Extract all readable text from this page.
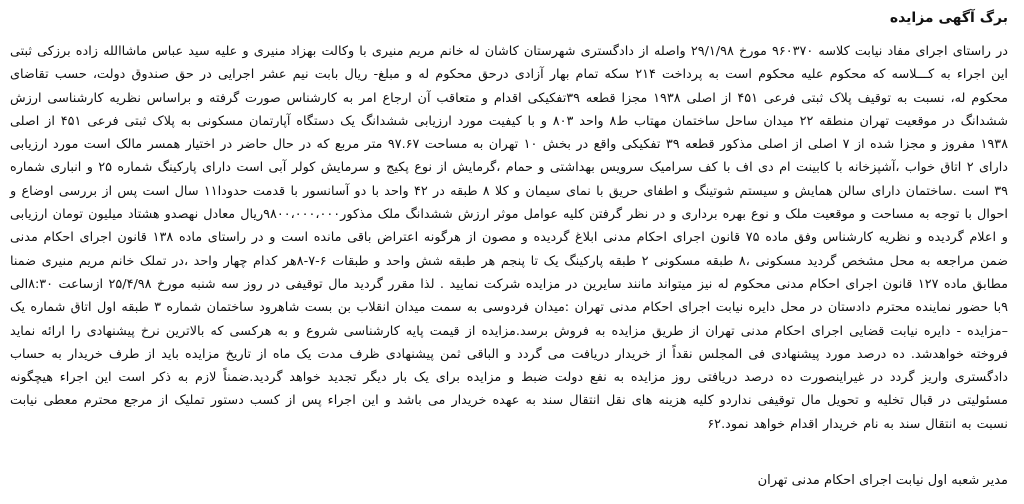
برگ آگهی مزایده

در راستای اجرای مفاد نیابت کلاسه ۹۶۰۳۷۰ مورخ ۲۹/۱/۹۸ واصله از دادگستری شهرستان کاشان له خانم مریم منیری با وکالت بهزاد منیری و علیه سید عباس ماشاالله زاده برزکی ثبتی این اجراء به کـــلاسه که محکوم علیه محکوم است به پرداخت ۲۱۴ سکه تمام بهار آزادی درحق محکوم له و مبلغ- ریال بابت نیم عشر اجرایی در حق صندوق دولت، حسب تقاضای محکوم له، نسبت به توقیف پلاک ثبتی فرعی ۴۵۱ از اصلی ۱۹۳۸ مجزا قطعه ۳۹تفکیکی اقدام و متعاقب آن ارجاع امر به کارشناس صورت گرفته و براساس نظریه کارشناسی ارزش ششدانگ در موقعیت تهران منطقه ۲۲ میدان ساحل ساختمان مهتاب ط۸ واحد ۸۰۳ و با کیفیت مورد ارزیابی ششدانگ یک دستگاه آپارتمان مسکونی به پلاک ثبتی فرعی ۴۵۱ از اصلی ۱۹۳۸ مفروز و مجزا شده از ۷ اصلی از اصلی مذکور قطعه ۳۹ تفکیکی واقع در بخش ۱۰ تهران به مساحت ۹۷.۶۷ متر مربع که در حال حاضر در اختیار همسر مالک است مورد ارزیابی دارای ۲ اتاق خواب ،آشپزخانه با کابینت ام دی اف با کف سرامیک سرویس بهداشتی و حمام ،گرمایش از نوع پکیج و سرمایش کولر آبی است دارای پارکینگ شماره ۲۵ و انباری شماره ۳۹ است .ساختمان دارای سالن همایش و سیستم شوتینگ و اطفای حریق با نمای سیمان و کلا ۸ طبقه در ۴۲ واحد با دو آسانسور با قدمت حدودا۱۱ سال است پس از بررسی اوضاع و احوال با توجه به مساحت و موقعیت ملک و نوع بهره برداری و در نظر گرفتن کلیه عوامل موثر ارزش ششدانگ ملک مذکور۹۸۰۰،۰۰۰،۰۰۰ریال معادل نهصدو هشتاد میلیون تومان ارزیابی و اعلام گردیده و نظریه کارشناس وفق ماده ۷۵ قانون اجرای احکام مدنی ابلاغ گردیده و مصون از هرگونه اعتراض باقی مانده است و در راستای ماده ۱۳۸ قانون اجرای احکام مدنی ضمن مراجعه به محل مشخص گردید مسکونی ،۸ طبقه مسکونی ۲ طبقه پارکینگ یک تا پنجم هر طبقه شش واحد و طبقات ۶-۷-۸هر کدام چهار واحد ،در تملک خانم مریم منیری ضمنا مطابق ماده ۱۲۷ قانون اجرای احکام مدنی محکوم له نیز میتواند مانند سایرین در مزایده شرکت نمایید . لذا مقرر گردید مال توقیفی در روز سه شنبه مورخ ۲۵/۴/۹۸ ازساعت ۸:۳۰الی ۹با حضور نماینده محترم دادستان در محل دایره نیابت اجرای احکام مدنی تهران :میدان فردوسی به سمت میدان انقلاب بن بست شاهرود ساختمان شماره ۳ طبقه اول اتاق شماره یک –مزایده - دایره نیابت قضایی اجرای احکام مدنی تهران از طریق مزایده به فروش برسد.مزایده از قیمت پایه کارشناسی شروع و به هرکسی که بالاترین نرخ پیشنهادی را ارائه نماید فروخته خواهدشد. ده درصد مورد پیشنهادی فی المجلس نقداً از خریدار دریافت می گردد و الباقی ثمن پیشنهادی ظرف مدت یک ماه از تاریخ مزایده باید از طرف خریدار به حساب دادگستری واریز گردد در غیراینصورت ده درصد دریافتی روز مزایده به نفع دولت ضبط و مزایده برای یک بار دیگر تجدید خواهد گردید.ضمناً لازم به ذکر است این اجراء هیچگونه مسئولیتی در قبال تخلیه و تحویل مال توقیفی نداردو کلیه هزینه های نقل انتقال سند به عهده خریدار می باشد و این اجراء پس از کسب دستور تملیک از مرجع محترم معطی نیابت نسبت به انتقال سند به نام خریدار اقدام خواهد نمود.۶۲

مدیر شعبه اول نیابت اجرای احکام مدنی تهران
